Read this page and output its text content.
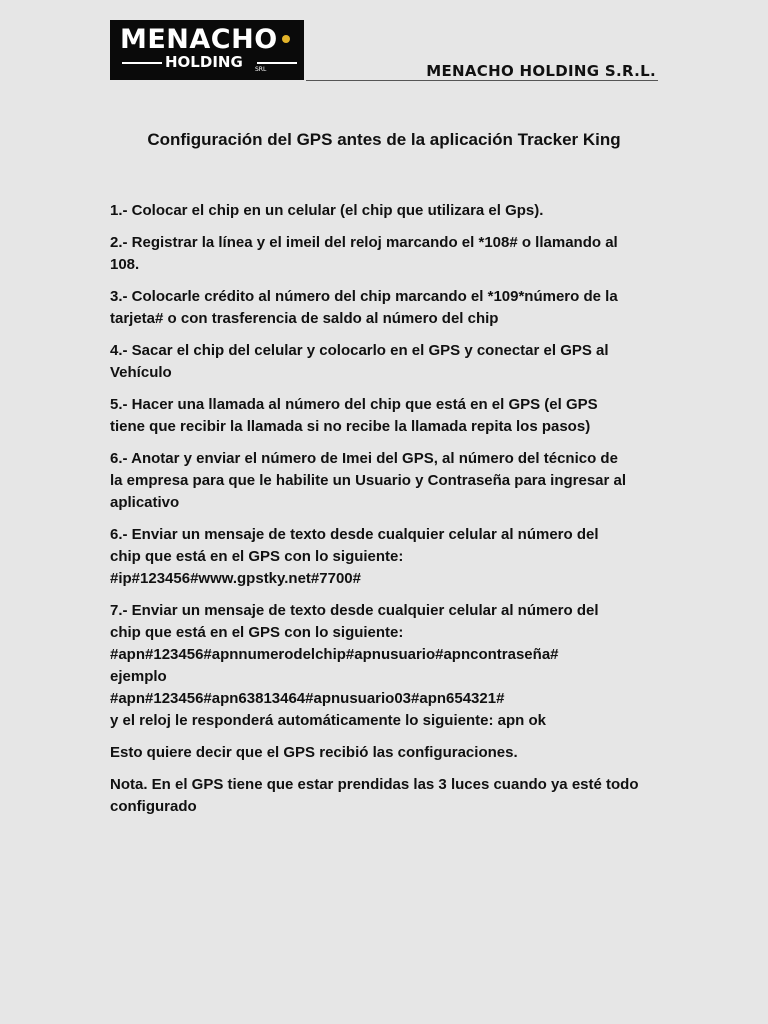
MENACHO
HOLDING SRL	MENACHO HOLDING S.R.L.
Configuración del GPS antes de la aplicación Tracker King

1.- Colocar el chip en un celular (el chip que utilizara el Gps).

2.- Registrar la línea y el imeil del reloj marcando el *108# o llamando al
108.

3.- Colocarle crédito al número del chip marcando el *109*número de la
tarjeta# o con trasferencia de saldo al número del chip

4.- Sacar el chip del celular y colocarlo en el GPS y conectar el GPS al
Vehículo

5.- Hacer una llamada al número del chip que está en el GPS (el GPS
tiene que recibir la llamada si no recibe la llamada repita los pasos)

6.- Anotar y enviar el número de Imei del GPS, al número del técnico de
la empresa para que le habilite un Usuario y Contraseña para ingresar al
aplicativo

6.- Enviar un mensaje de texto desde cualquier celular al número del
chip que está en el GPS con lo siguiente:
#ip#123456#www.gpstky.net#7700#

7.- Enviar un mensaje de texto desde cualquier celular al número del
chip que está en el GPS con lo siguiente:
#apn#123456#apnnumerodelchip#apnusuario#apncontraseña#
ejemplo
#apn#123456#apn63813464#apnusuario03#apn654321#
y el reloj le responderá automáticamente lo siguiente: apn ok

Esto quiere decir que el GPS recibió las configuraciones.

Nota. En el GPS tiene que estar prendidas las 3 luces cuando ya esté todo
configurado
